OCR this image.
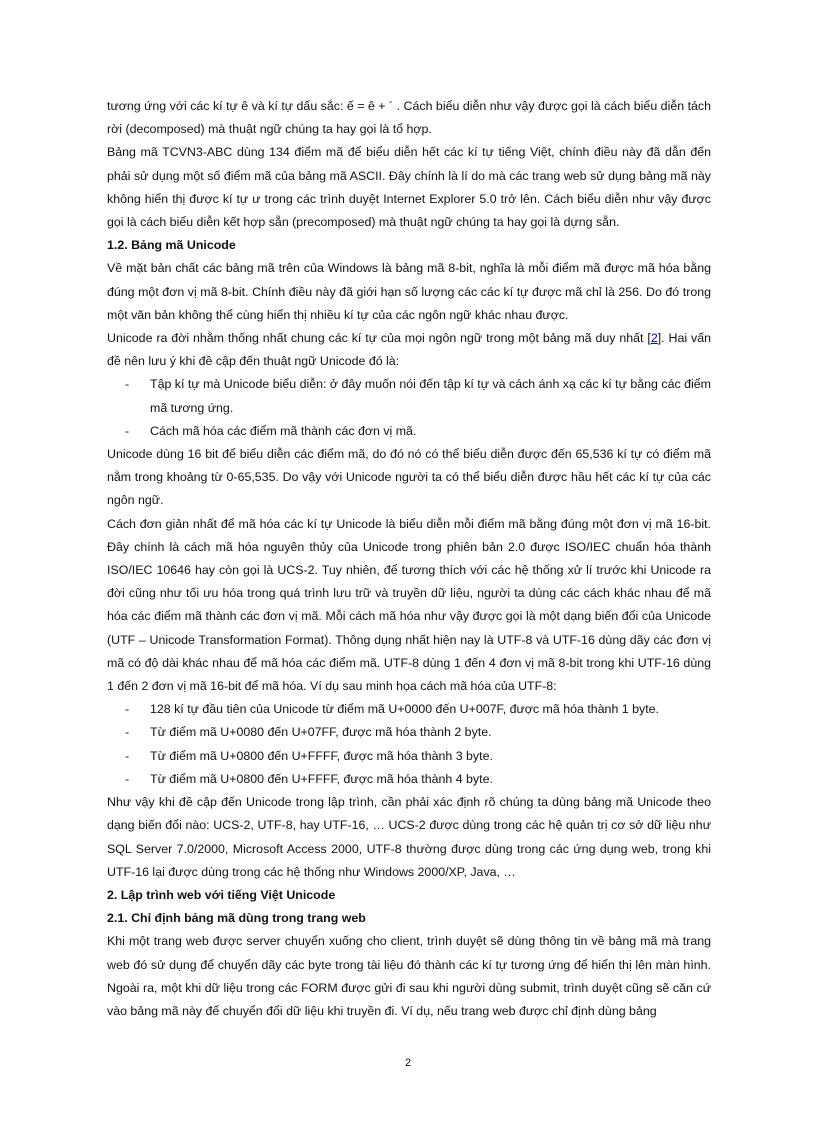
tương ứng với các kí tự ê và kí tự dấu sắc: ế = ê + ´ . Cách biểu diễn như vậy được gọi là cách biểu diễn tách rời (decomposed) mà thuật ngữ chúng ta hay gọi là tổ hợp.

Bảng mã TCVN3-ABC dùng 134 điểm mã để biểu diễn hết các kí tự tiếng Việt, chính điều này đã dẫn đến phải sử dụng một số điểm mã của bảng mã ASCII. Đây chính là lí do mà các trang web sử dụng bảng mã này không hiển thị được kí tự ư trong các trình duyệt Internet Explorer 5.0 trở lên. Cách biểu diễn như vậy được gọi là cách biểu diễn kết hợp sẵn (precomposed) mà thuật ngữ chúng ta hay gọi là dựng sẵn.

1.2. Bảng mã Unicode

Về mặt bản chất các bảng mã trên của Windows là bảng mã 8-bit, nghĩa là mỗi điểm mã được mã hóa bằng đúng một đơn vị mã 8-bit. Chính điều này đã giới hạn số lượng các các kí tự được mã chỉ là 256. Do đó trong một văn bản không thể cùng hiển thị nhiều kí tự của các ngôn ngữ khác nhau được.

Unicode ra đời nhằm thống nhất chung các kí tự của mọi ngôn ngữ trong một bảng mã duy nhất [2]. Hai vấn đề nên lưu ý khi đề cập đến thuật ngữ Unicode đó là:

- Tập kí tự mà Unicode biểu diễn: ở đây muốn nói đến tập kí tự và cách ánh xạ các kí tự bằng các điểm mã tương ứng.
- Cách mã hóa các điểm mã thành các đơn vị mã.

Unicode dùng 16 bit để biểu diễn các điểm mã, do đó nó có thể biểu diễn được đến 65,536 kí tự có điểm mã nằm trong khoảng từ 0-65,535. Do vậy với Unicode người ta có thể biểu diễn được hầu hết các kí tự của các ngôn ngữ.

Cách đơn giản nhất để mã hóa các kí tự Unicode là biểu diễn mỗi điểm mã bằng đúng một đơn vị mã 16-bit. Đây chính là cách mã hóa nguyên thủy của Unicode trong phiên bản 2.0 được ISO/IEC chuẩn hóa thành ISO/IEC 10646 hay còn gọi là UCS-2. Tuy nhiên, để tương thích với các hệ thống xử lí trước khi Unicode ra đời cũng như tối ưu hóa trong quá trình lưu trữ và truyền dữ liệu, người ta dùng các cách khác nhau để mã hóa các điểm mã thành các đơn vị mã. Mỗi cách mã hóa như vậy được gọi là một dạng biến đổi của Unicode (UTF – Unicode Transformation Format). Thông dụng nhất hiện nay là UTF-8 và UTF-16 dùng dãy các đơn vị mã có độ dài khác nhau để mã hóa các điểm mã. UTF-8 dùng 1 đến 4 đơn vị mã 8-bit trong khi UTF-16 dùng 1 đến 2 đơn vị mã 16-bit để mã hóa. Ví dụ sau minh họa cách mã hóa của UTF-8:

- 128 kí tự đầu tiên của Unicode từ điểm mã U+0000 đến U+007F, được mã hóa thành 1 byte.
- Từ điểm mã U+0080 đến U+07FF, được mã hóa thành 2 byte.
- Từ điểm mã U+0800 đến U+FFFF, được mã hóa thành 3 byte.
- Từ điểm mã U+0800 đến U+FFFF, được mã hóa thành 4 byte.

Như vậy khi đề cập đến Unicode trong lập trình, cần phải xác định rõ chúng ta dùng bảng mã Unicode theo dạng biến đổi nào: UCS-2, UTF-8, hay UTF-16, … UCS-2 được dùng trong các hệ quản trị cơ sở dữ liệu như SQL Server 7.0/2000, Microsoft Access 2000, UTF-8 thường được dùng trong các ứng dụng web, trong khi UTF-16 lại được dùng trong các hệ thống như Windows 2000/XP, Java, …

2. Lập trình web với tiếng Việt Unicode
2.1. Chỉ định bảng mã dùng trong trang web

Khi một trang web được server chuyển xuống cho client, trình duyệt sẽ dùng thông tin về bảng mã mà trang web đó sử dụng để chuyển dãy các byte trong tài liệu đó thành các kí tự tương ứng để hiển thị lên màn hình. Ngoài ra, một khi dữ liệu trong các FORM được gửi đi sau khi người dùng submit, trình duyệt cũng sẽ căn cứ vào bảng mã này để chuyển đổi dữ liệu khi truyền đi. Ví dụ, nếu trang web được chỉ định dùng bảng

2
